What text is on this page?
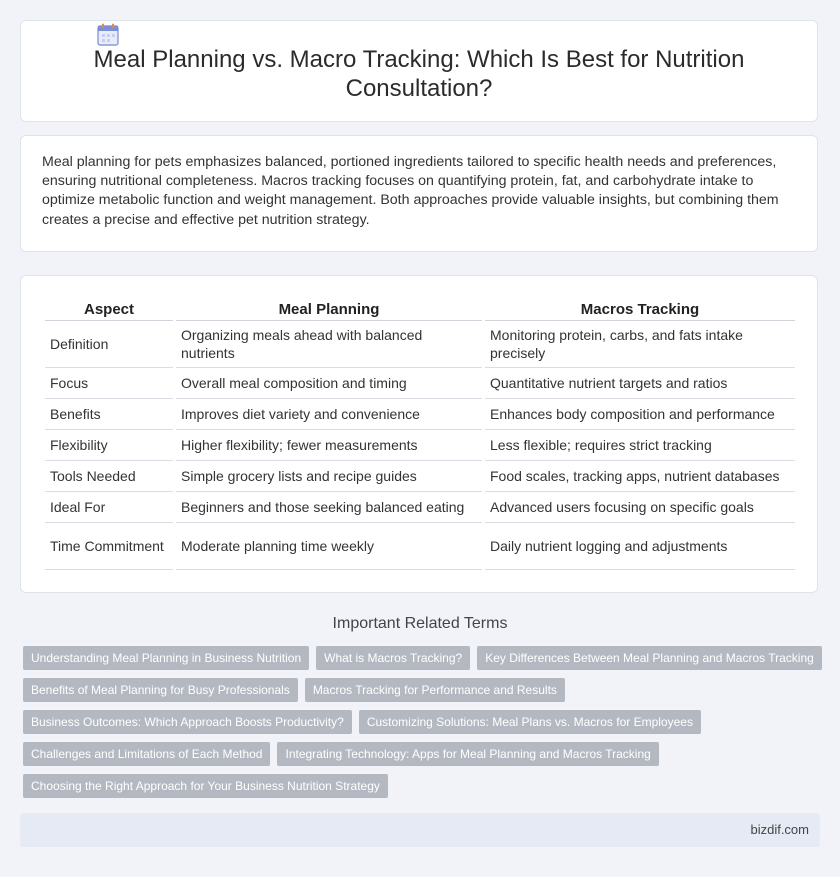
Meal Planning vs. Macro Tracking: Which Is Best for Nutrition Consultation?

Meal planning for pets emphasizes balanced, portioned ingredients tailored to specific health needs and preferences, ensuring nutritional completeness. Macros tracking focuses on quantifying protein, fat, and carbohydrate intake to optimize metabolic function and weight management. Both approaches provide valuable insights, but combining them creates a precise and effective pet nutrition strategy.

Aspect	Meal Planning	Macros Tracking
Definition	Organizing meals ahead with balanced nutrients	Monitoring protein, carbs, and fats intake precisely
Focus	Overall meal composition and timing	Quantitative nutrient targets and ratios
Benefits	Improves diet variety and convenience	Enhances body composition and performance
Flexibility	Higher flexibility; fewer measurements	Less flexible; requires strict tracking
Tools Needed	Simple grocery lists and recipe guides	Food scales, tracking apps, nutrient databases
Ideal For	Beginners and those seeking balanced eating	Advanced users focusing on specific goals
Time Commitment	Moderate planning time weekly	Daily nutrient logging and adjustments
Important Related Terms
Understanding Meal Planning in Business Nutrition	What is Macros Tracking?	Key Differences Between Meal Planning and Macros Tracking
Benefits of Meal Planning for Busy Professionals	Macros Tracking for Performance and Results
Business Outcomes: Which Approach Boosts Productivity?	Customizing Solutions: Meal Plans vs. Macros for Employees
Challenges and Limitations of Each Method	Integrating Technology: Apps for Meal Planning and Macros Tracking
Choosing the Right Approach for Your Business Nutrition Strategy
bizdif.com
